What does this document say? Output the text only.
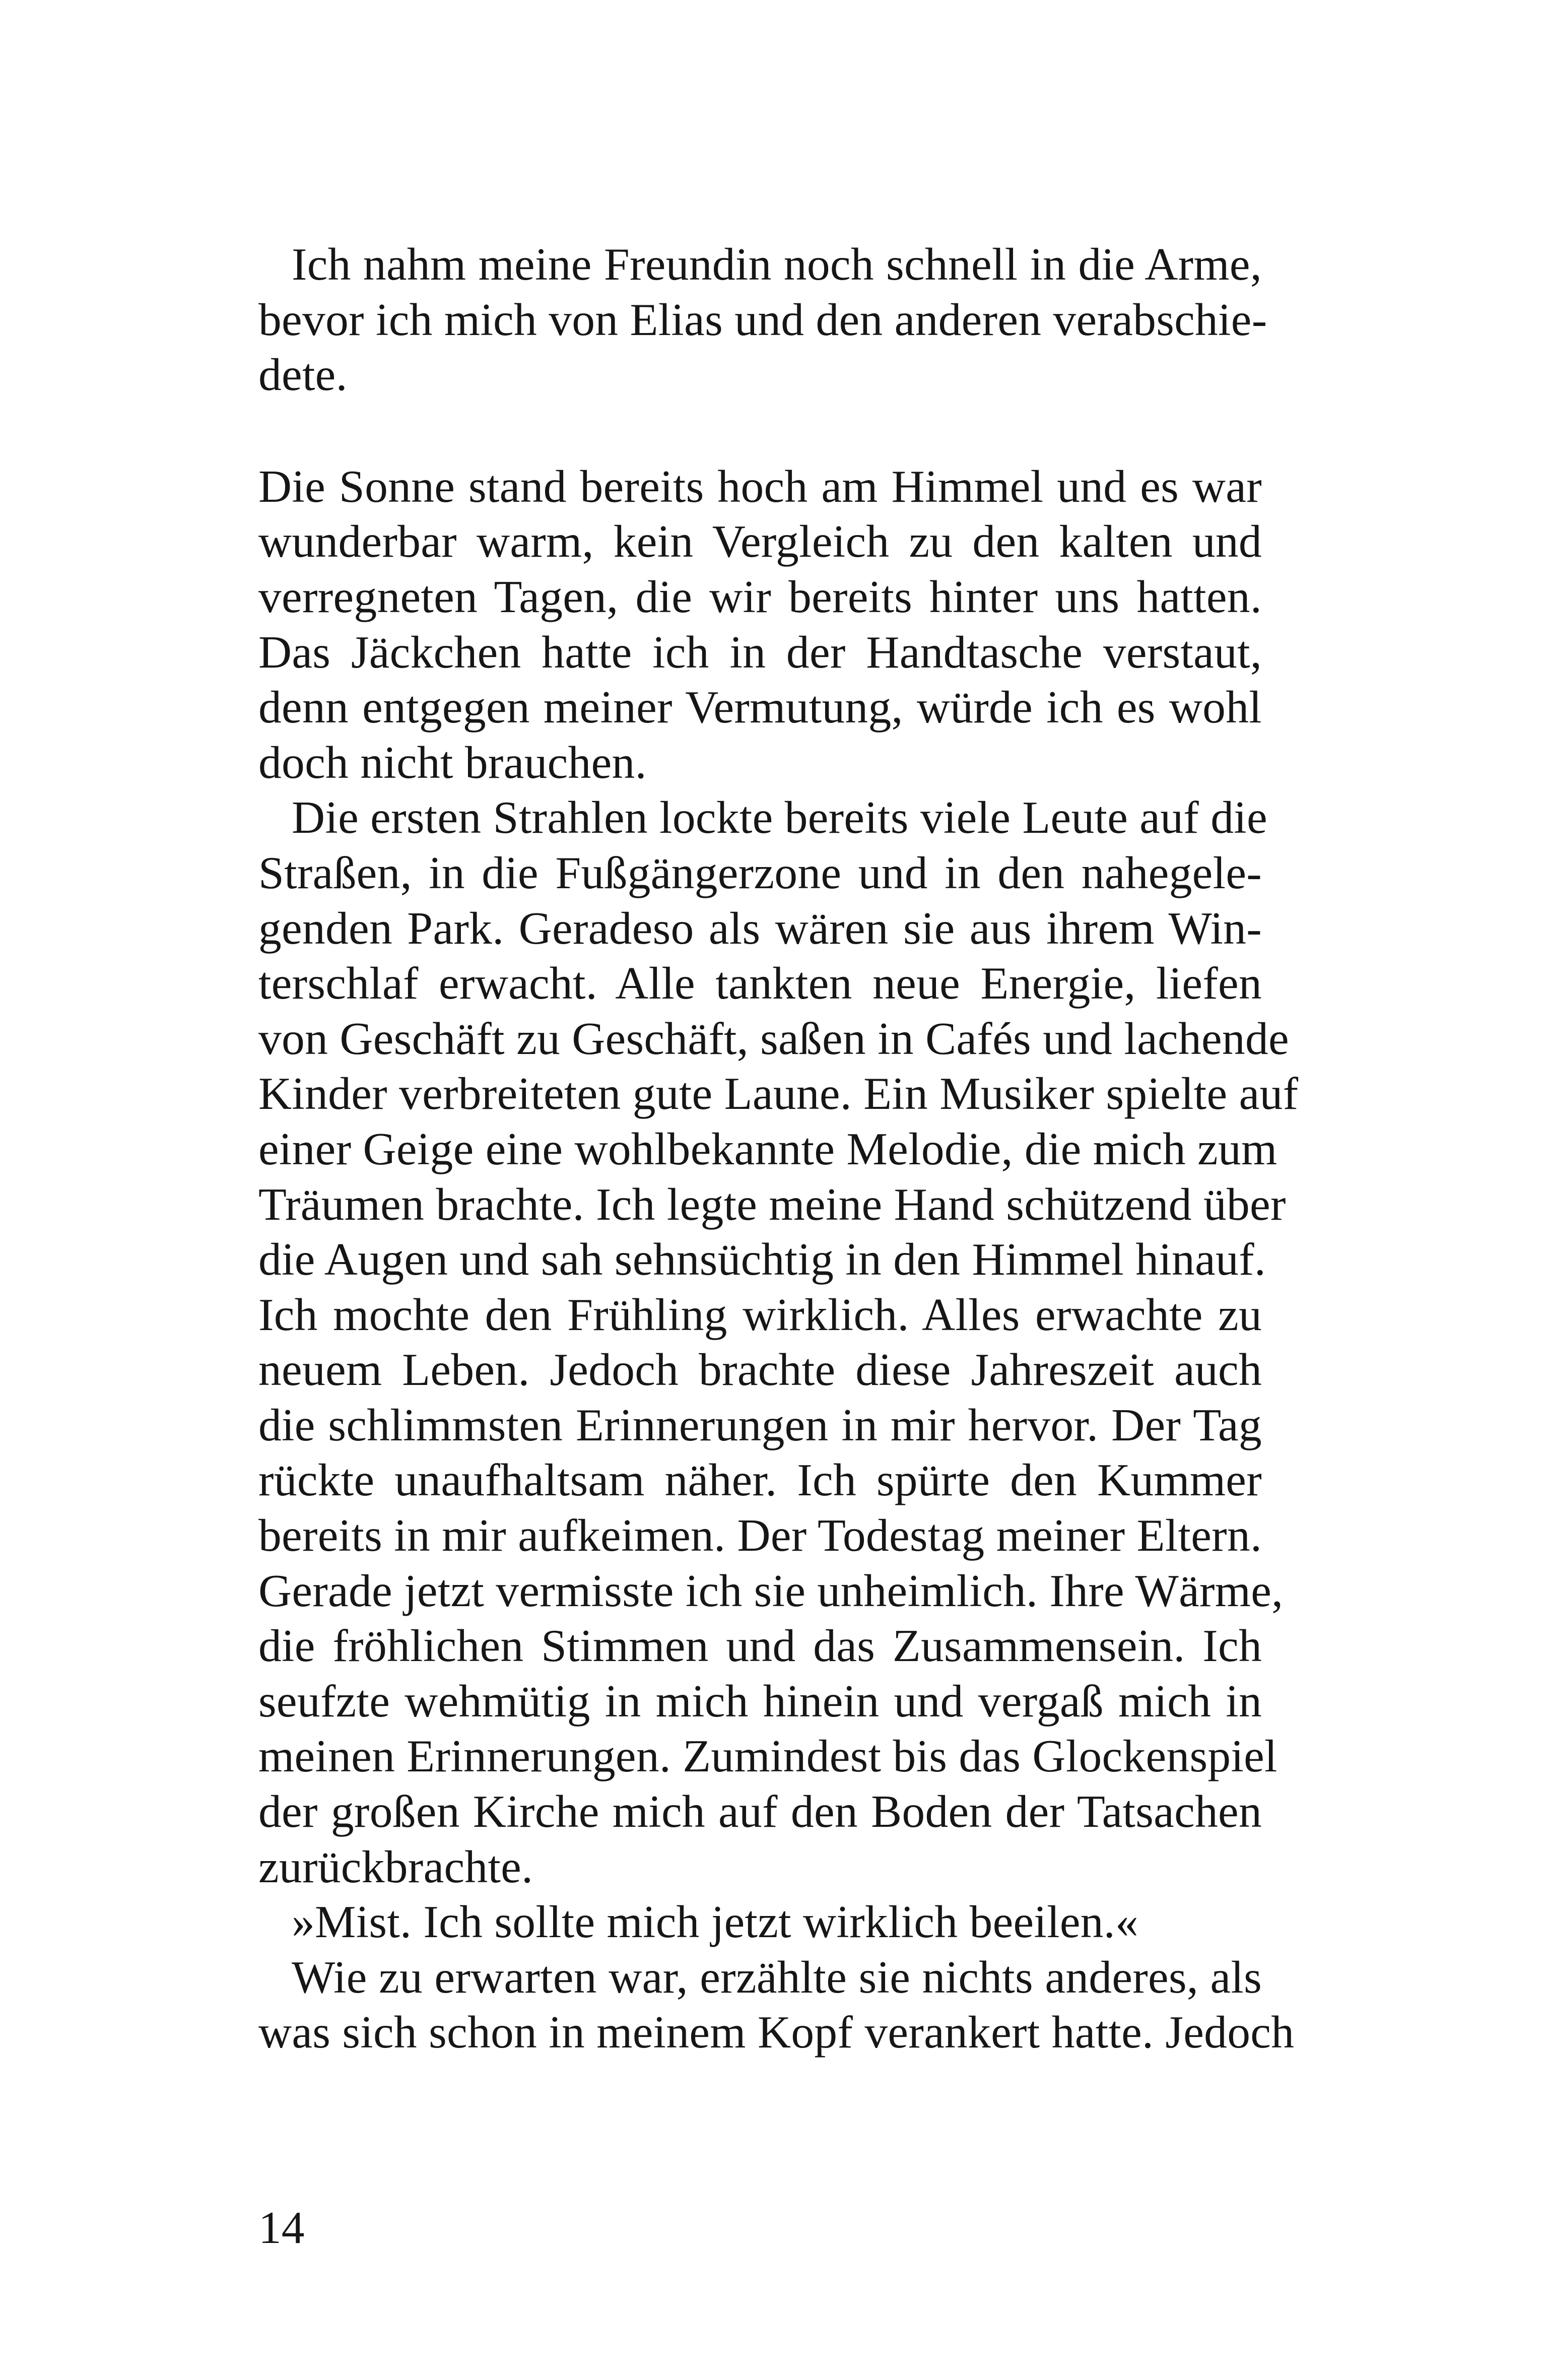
Ich nahm meine Freundin noch schnell in die Arme,
bevor ich mich von Elias und den anderen verabschie-
dete.
Die Sonne stand bereits hoch am Himmel und es war
wunderbar warm, kein Vergleich zu den kalten und
verregneten Tagen, die wir bereits hinter uns hatten.
Das Jäckchen hatte ich in der Handtasche verstaut,
denn entgegen meiner Vermutung, würde ich es wohl
doch nicht brauchen.
Die ersten Strahlen lockte bereits viele Leute auf die
Straßen, in die Fußgängerzone und in den nahegele-
genden Park. Geradeso als wären sie aus ihrem Win-
terschlaf erwacht. Alle tankten neue Energie, liefen
von Geschäft zu Geschäft, saßen in Cafés und lachende
Kinder verbreiteten gute Laune. Ein Musiker spielte auf
einer Geige eine wohlbekannte Melodie, die mich zum
Träumen brachte. Ich legte meine Hand schützend über
die Augen und sah sehnsüchtig in den Himmel hinauf.
Ich mochte den Frühling wirklich. Alles erwachte zu
neuem Leben. Jedoch brachte diese Jahreszeit auch
die schlimmsten Erinnerungen in mir hervor. Der Tag
rückte unaufhaltsam näher. Ich spürte den Kummer
bereits in mir aufkeimen. Der Todestag meiner Eltern.
Gerade jetzt vermisste ich sie unheimlich. Ihre Wärme,
die fröhlichen Stimmen und das Zusammensein. Ich
seufzte wehmütig in mich hinein und vergaß mich in
meinen Erinnerungen. Zumindest bis das Glockenspiel
der großen Kirche mich auf den Boden der Tatsachen
zurückbrachte.
»Mist. Ich sollte mich jetzt wirklich beeilen.«
Wie zu erwarten war, erzählte sie nichts anderes, als
was sich schon in meinem Kopf verankert hatte. Jedoch
14
